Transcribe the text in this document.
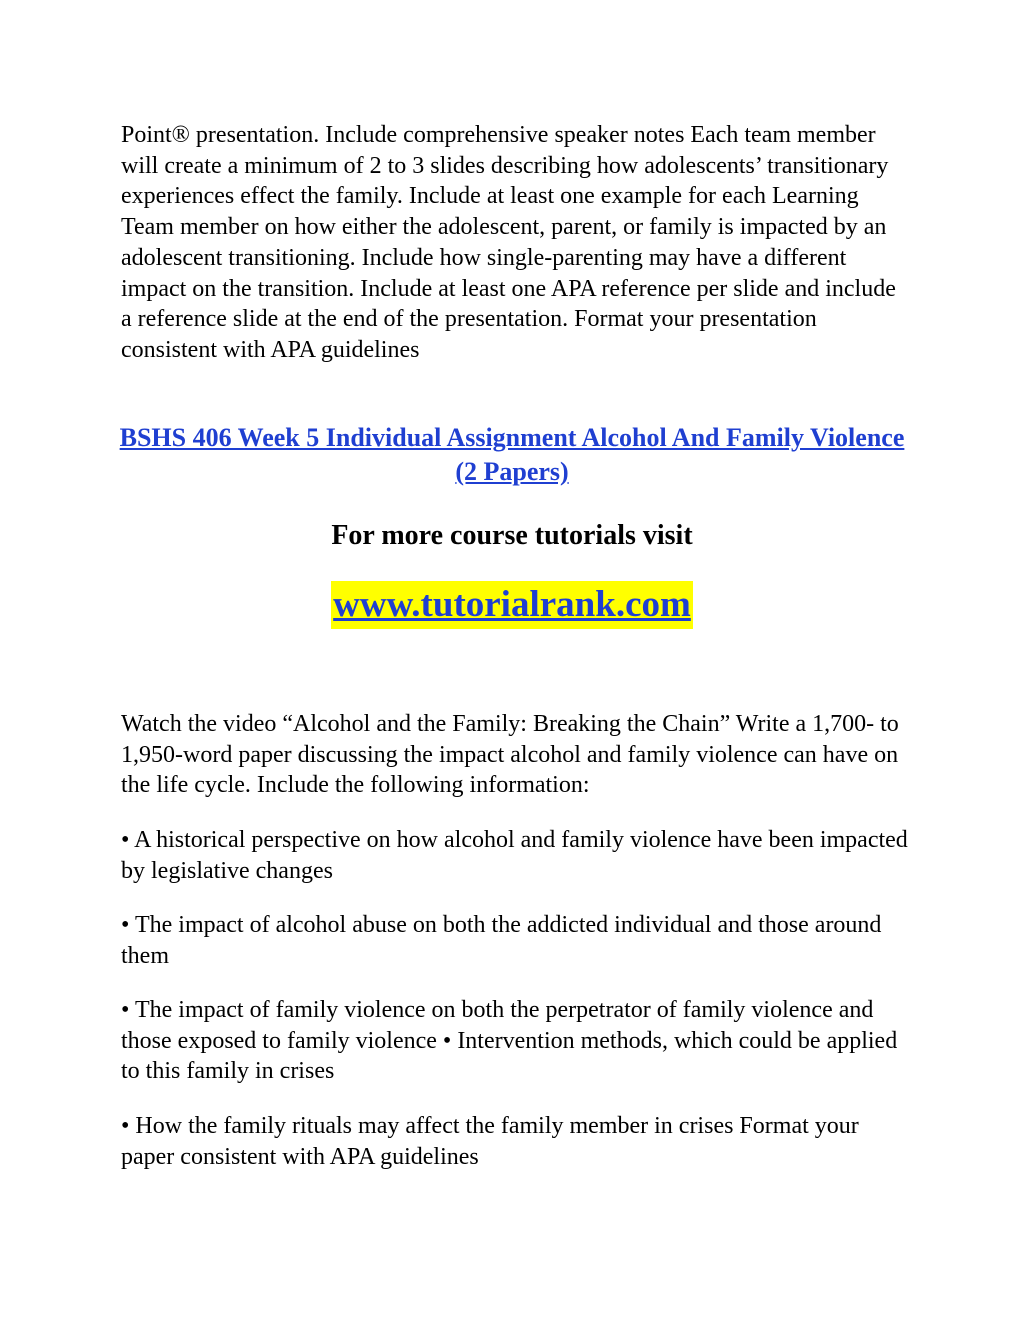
Point® presentation. Include comprehensive speaker notes Each team member will create a minimum of 2 to 3 slides describing how adolescents’ transitionary experiences effect the family. Include at least one example for each Learning Team member on how either the adolescent, parent, or family is impacted by an adolescent transitioning. Include how single-parenting may have a different impact on the transition. Include at least one APA reference per slide and include a reference slide at the end of the presentation. Format your presentation consistent with APA guidelines

BSHS 406 Week 5 Individual Assignment Alcohol And Family Violence (2 Papers)
For more course tutorials visit
www.tutorialrank.com

Watch the video “Alcohol and the Family: Breaking the Chain” Write a 1,700- to 1,950-word paper discussing the impact alcohol and family violence can have on the life cycle. Include the following information:

• A historical perspective on how alcohol and family violence have been impacted by legislative changes

• The impact of alcohol abuse on both the addicted individual and those around them

• The impact of family violence on both the perpetrator of family violence and those exposed to family violence • Intervention methods, which could be applied to this family in crises

• How the family rituals may affect the family member in crises Format your paper consistent with APA guidelines
